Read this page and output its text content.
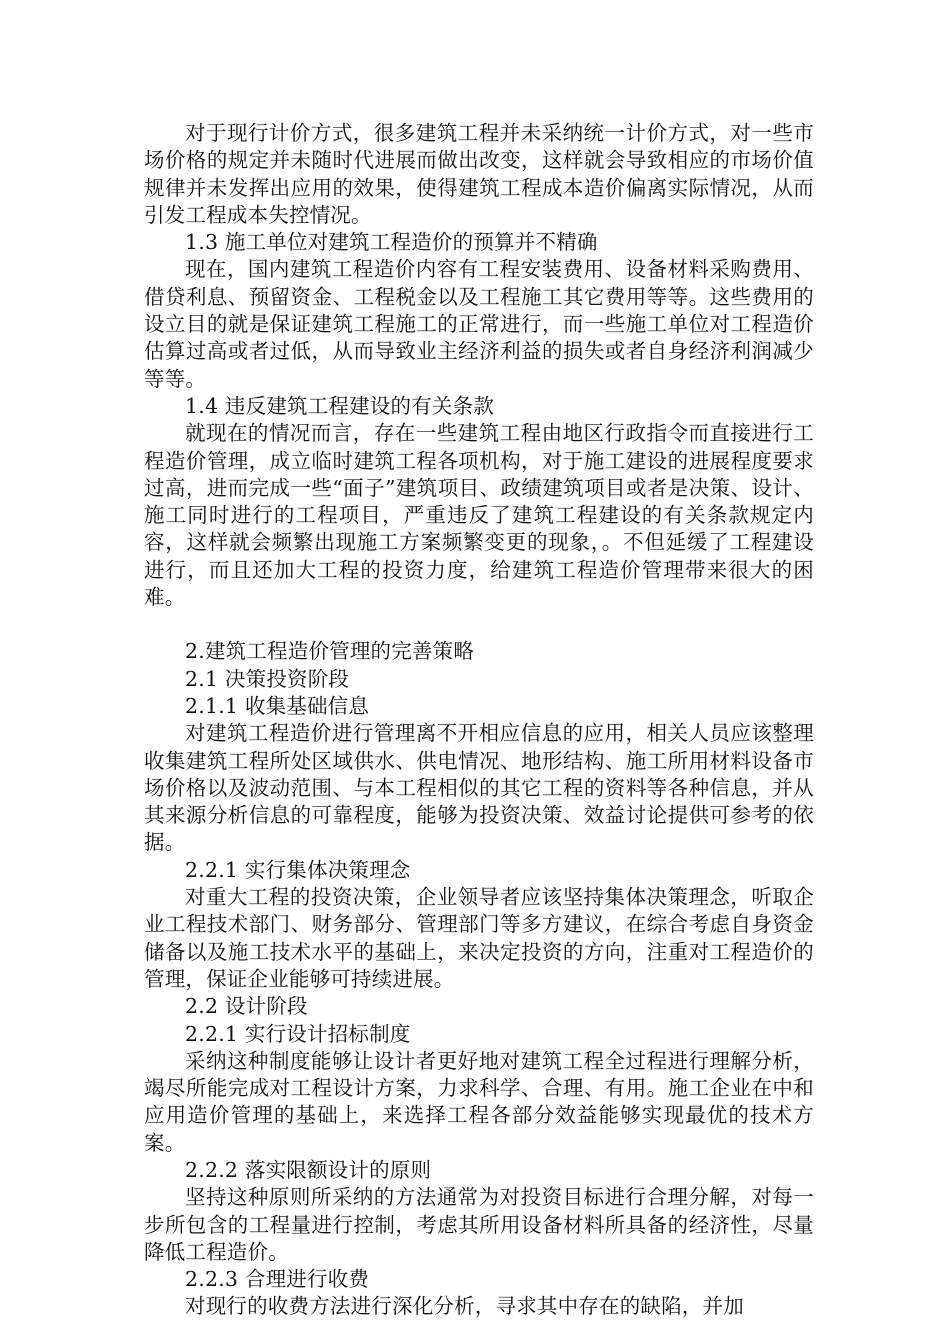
对于现行计价方式，很多建筑工程并未采纳统一计价方式，对一些市场价格的规定并未随时代进展而做出改变，这样就会导致相应的市场价值规律并未发挥出应用的效果，使得建筑工程成本造价偏离实际情况，从而引发工程成本失控情况。

1.3 施工单位对建筑工程造价的预算并不精确

现在，国内建筑工程造价内容有工程安装费用、设备材料采购费用、借贷利息、预留资金、工程税金以及工程施工其它费用等等。这些费用的设立目的就是保证建筑工程施工的正常进行，而一些施工单位对工程造价估算过高或者过低，从而导致业主经济利益的损失或者自身经济利润减少等等。

1.4 违反建筑工程建设的有关条款

就现在的情况而言，存在一些建筑工程由地区行政指令而直接进行工程造价管理，成立临时建筑工程各项机构，对于施工建设的进展程度要求过高，进而完成一些“面子”建筑项目、政绩建筑项目或者是决策、设计、施工同时进行的工程项目，严重违反了建筑工程建设的有关条款规定内容，这样就会频繁出现施工方案频繁变更的现象，。不但延缓了工程建设进行，而且还加大工程的投资力度，给建筑工程造价管理带来很大的困难。

2.建筑工程造价管理的完善策略

2.1 决策投资阶段

2.1.1 收集基础信息

对建筑工程造价进行管理离不开相应信息的应用，相关人员应该整理收集建筑工程所处区域供水、供电情况、地形结构、施工所用材料设备市场价格以及波动范围、与本工程相似的其它工程的资料等各种信息，并从其来源分析信息的可靠程度，能够为投资决策、效益讨论提供可参考的依据。

2.2.1 实行集体决策理念

对重大工程的投资决策，企业领导者应该坚持集体决策理念，听取企业工程技术部门、财务部分、管理部门等多方建议，在综合考虑自身资金储备以及施工技术水平的基础上，来决定投资的方向，注重对工程造价的管理，保证企业能够可持续进展。

2.2 设计阶段

2.2.1 实行设计招标制度

采纳这种制度能够让设计者更好地对建筑工程全过程进行理解分析，竭尽所能完成对工程设计方案，力求科学、合理、有用。施工企业在中和应用造价管理的基础上，来选择工程各部分效益能够实现最优的技术方案。

2.2.2 落实限额设计的原则

坚持这种原则所采纳的方法通常为对投资目标进行合理分解，对每一步所包含的工程量进行控制，考虑其所用设备材料所具备的经济性，尽量降低工程造价。

2.2.3 合理进行收费

对现行的收费方法进行深化分析，寻求其中存在的缺陷，并加
